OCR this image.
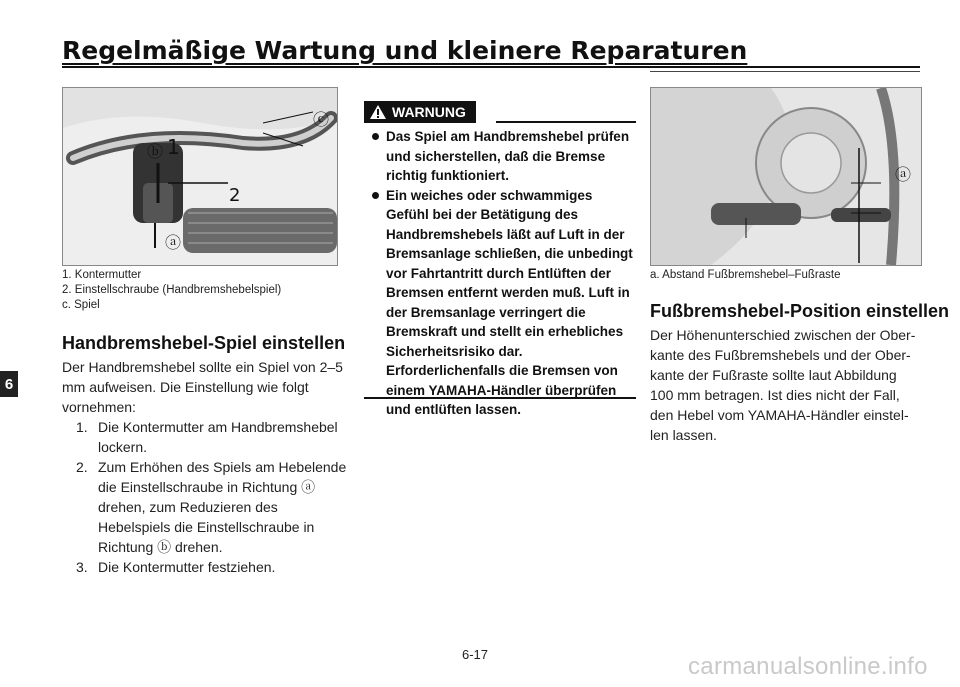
Regelmäßige Wartung und kleinere Reparaturen
6
ⓒ
ⓑ 1
2
ⓐ
1. Kontermutter
2. Einstellschraube (Handbremshebelspiel)
c. Spiel
Handbremshebel-Spiel einstellen

Der Handbremshebel sollte ein Spiel von 2–5 mm aufweisen. Die Einstellung wie folgt vornehmen:

1. Die Kontermutter am Handbremshebel lockern.
2. Zum Erhöhen des Spiels am Hebelende die Einstellschraube in Richtung ⓐ drehen, zum Reduzieren des Hebelspiels die Einstellschraube in Richtung ⓑ drehen.
3. Die Kontermutter festziehen.
WARNUNG
Das Spiel am Handbremshebel prüfen und sicherstellen, daß die Bremse richtig funktioniert.
Ein weiches oder schwammiges Gefühl bei der Betätigung des Handbremshebels läßt auf Luft in der Bremsanlage schließen, die unbedingt vor Fahrtantritt durch Entlüften der Bremsen entfernt werden muß. Luft in der Bremsanlage verringert die Bremskraft und stellt ein erhebliches Sicherheitsrisiko dar. Erforderlichenfalls die Bremsen von einem YAMAHA-Händler überprüfen und entlüften lassen.
ⓐ
a. Abstand Fußbremshebel–Fußraste
Fußbremshebel-Position einstellen

Der Höhenunterschied zwischen der Oberkante des Fußbremshebels und der Oberkante der Fußraste sollte laut Abbildung 100 mm betragen. Ist dies nicht der Fall, den Hebel vom YAMAHA-Händler einstellen lassen.

6-17	carmanualsonline.info
